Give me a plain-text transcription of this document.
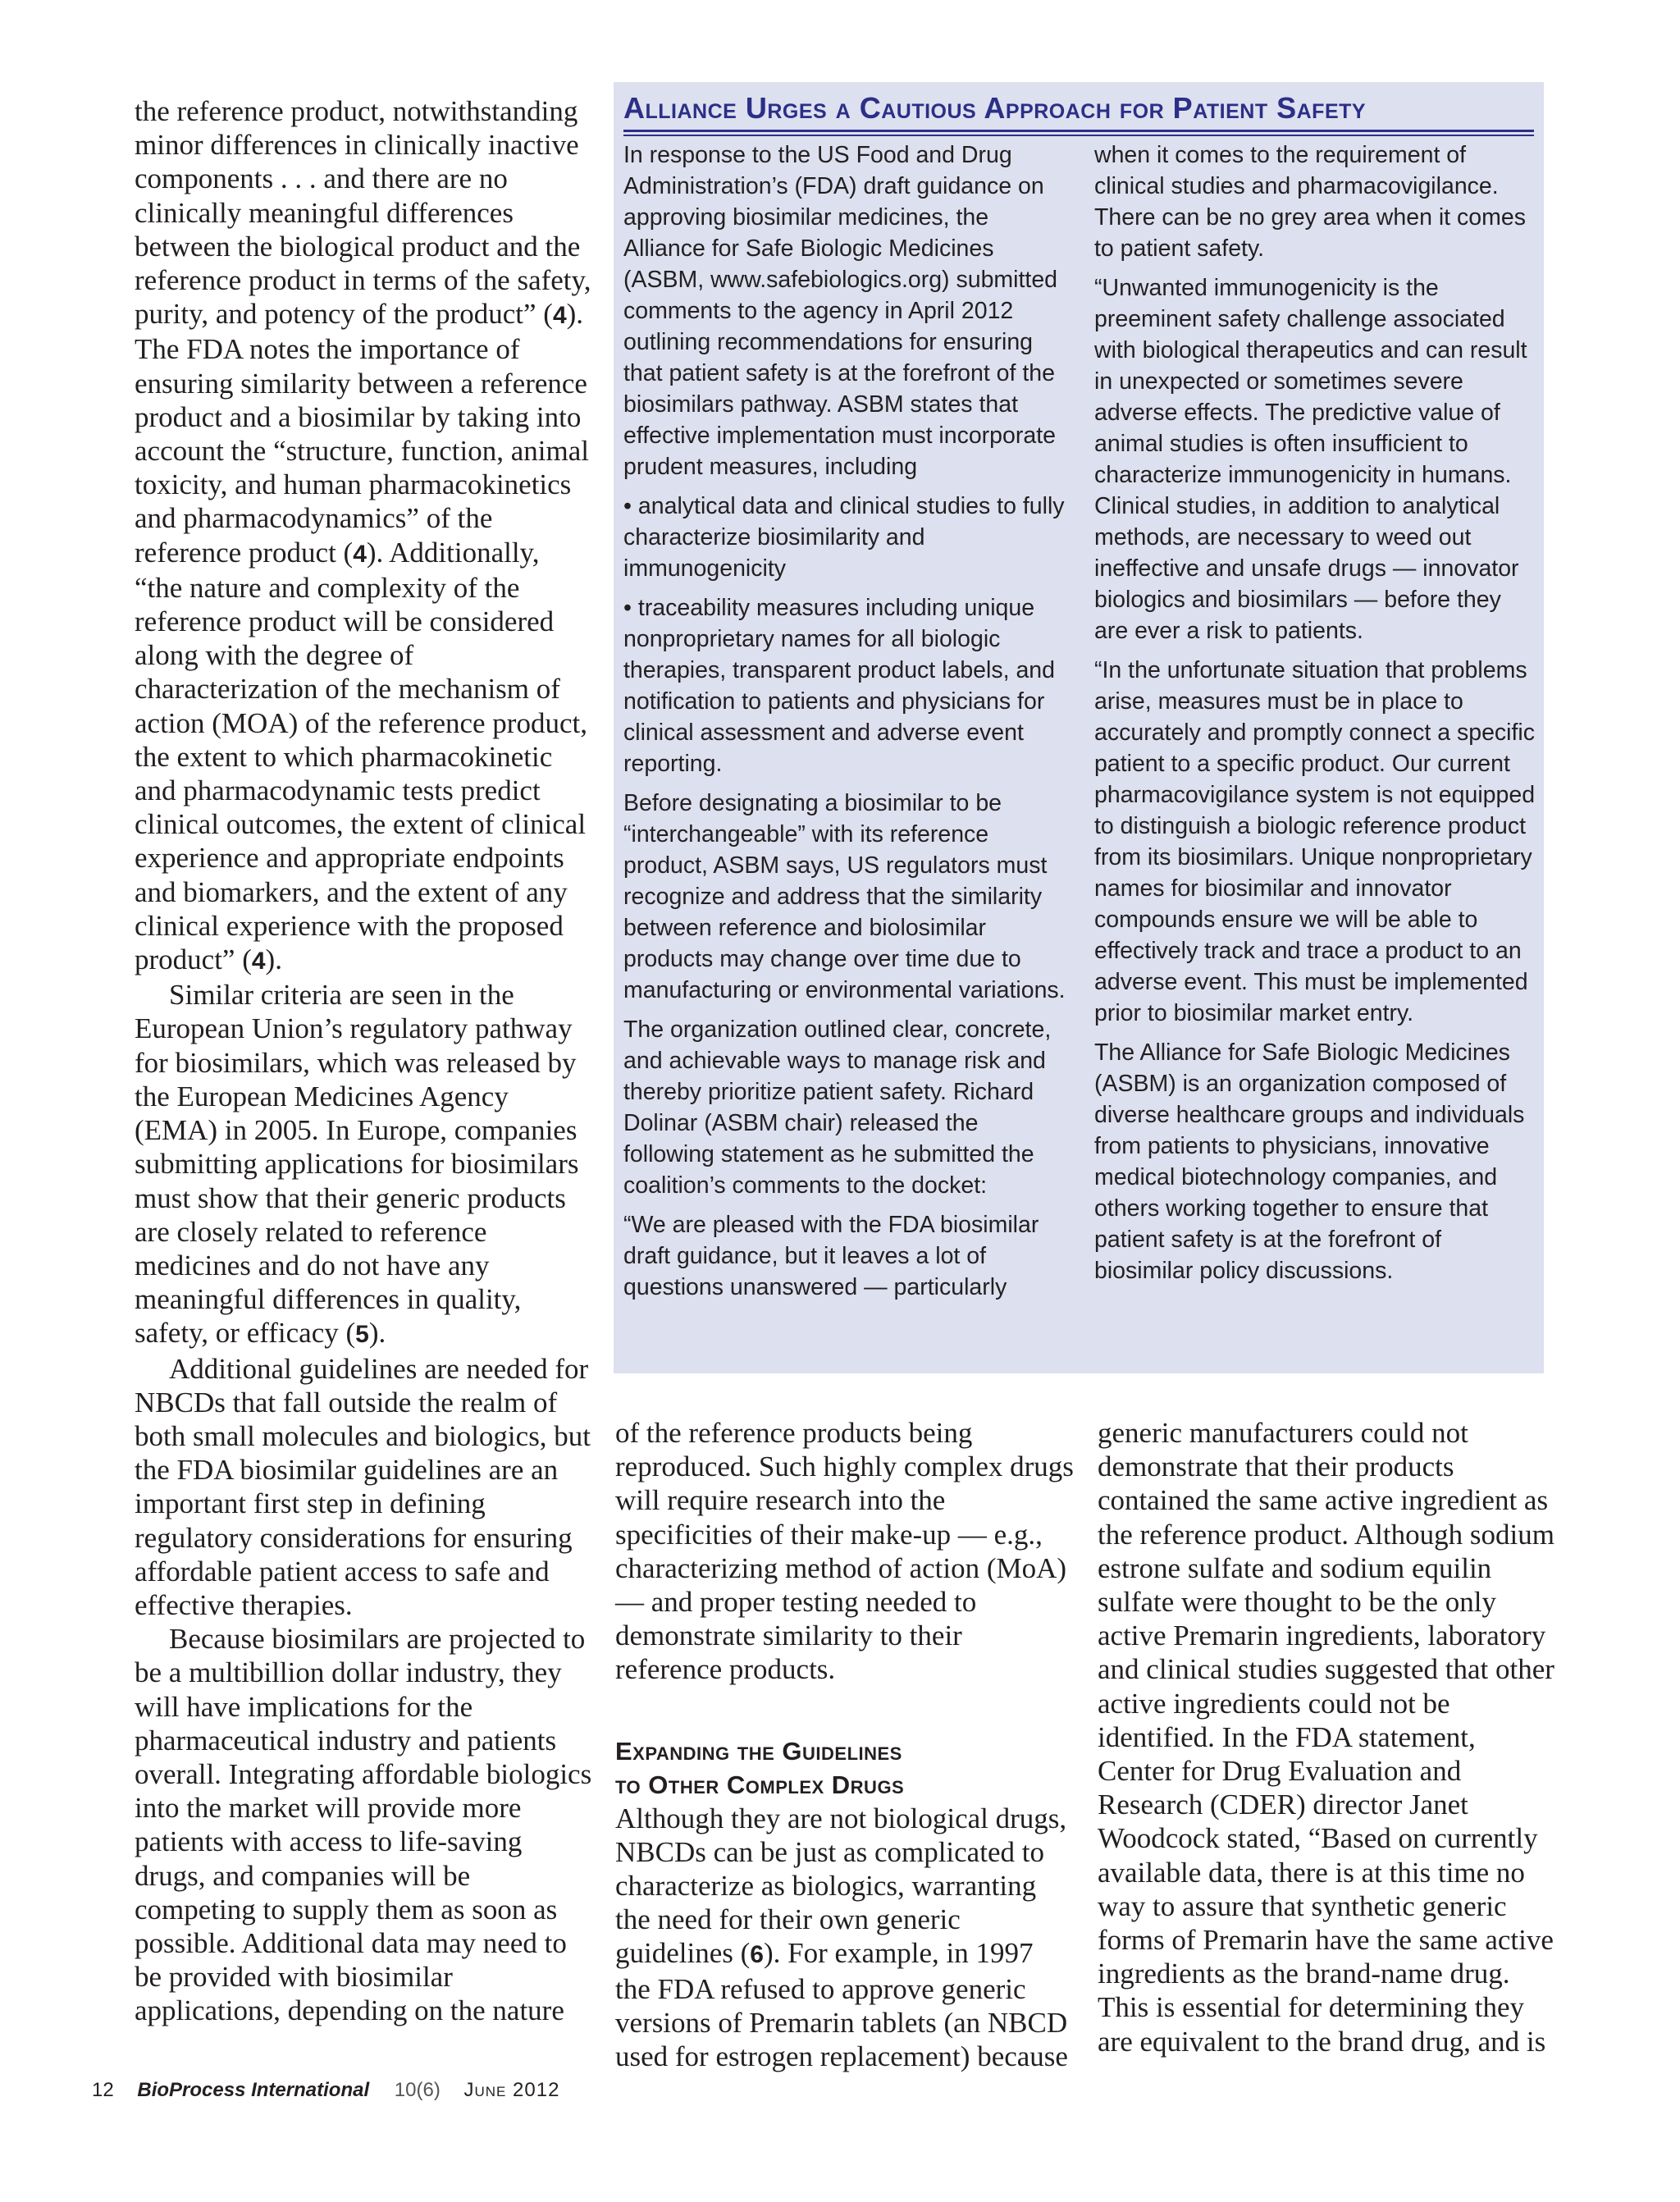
the reference product, notwithstanding minor differences in clinically inactive components . . . and there are no clinically meaningful differences between the biological product and the reference product in terms of the safety, purity, and potency of the product” (4). The FDA notes the importance of ensuring similarity between a reference product and a biosimilar by taking into account the “structure, function, animal toxicity, and human pharmacokinetics and pharmacodynamics” of the reference product (4). Additionally, “the nature and complexity of the reference product will be considered along with the degree of characterization of the mechanism of action (MOA) of the reference product, the extent to which pharmacokinetic and pharmacodynamic tests predict clinical outcomes, the extent of clinical experience and appropriate endpoints and biomarkers, and the extent of any clinical experience with the proposed product” (4).

Similar criteria are seen in the European Union’s regulatory pathway for biosimilars, which was released by the European Medicines Agency (EMA) in 2005. In Europe, companies submitting applications for biosimilars must show that their generic products are closely related to reference medicines and do not have any meaningful differences in quality, safety, or efficacy (5).

Additional guidelines are needed for NBCDs that fall outside the realm of both small molecules and biologics, but the FDA biosimilar guidelines are an important first step in defining regulatory considerations for ensuring affordable patient access to safe and effective therapies.

Because biosimilars are projected to be a multibillion dollar industry, they will have implications for the pharmaceutical industry and patients overall. Integrating affordable biologics into the market will provide more patients with access to life-saving drugs, and companies will be competing to supply them as soon as possible. Additional data may need to be provided with biosimilar applications, depending on the nature

Alliance Urges a Cautious Approach for Patient Safety

In response to the US Food and Drug Administration’s (FDA) draft guidance on approving biosimilar medicines, the Alliance for Safe Biologic Medicines (ASBM, www.safebiologics.org) submitted comments to the agency in April 2012 outlining recommendations for ensuring that patient safety is at the forefront of the biosimilars pathway. ASBM states that effective implementation must incorporate prudent measures, including

• analytical data and clinical studies to fully characterize biosimilarity and immunogenicity

• traceability measures including unique nonproprietary names for all biologic therapies, transparent product labels, and notification to patients and physicians for clinical assessment and adverse event reporting.

Before designating a biosimilar to be “interchangeable” with its reference product, ASBM says, US regulators must recognize and address that the similarity between reference and biolosimilar products may change over time due to manufacturing or environmental variations.

The organization outlined clear, concrete, and achievable ways to manage risk and thereby prioritize patient safety. Richard Dolinar (ASBM chair) released the following statement as he submitted the coalition’s comments to the docket:

“We are pleased with the FDA biosimilar draft guidance, but it leaves a lot of questions unanswered — particularly

when it comes to the requirement of clinical studies and pharmacovigilance. There can be no grey area when it comes to patient safety.

“Unwanted immunogenicity is the preeminent safety challenge associated with biological therapeutics and can result in unexpected or sometimes severe adverse effects. The predictive value of animal studies is often insufficient to characterize immunogenicity in humans. Clinical studies, in addition to analytical methods, are necessary to weed out ineffective and unsafe drugs — innovator biologics and biosimilars — before they are ever a risk to patients.

“In the unfortunate situation that problems arise, measures must be in place to accurately and promptly connect a specific patient to a specific product. Our current pharmacovigilance system is not equipped to distinguish a biologic reference product from its biosimilars. Unique nonproprietary names for biosimilar and innovator compounds ensure we will be able to effectively track and trace a product to an adverse event. This must be implemented prior to biosimilar market entry.

The Alliance for Safe Biologic Medicines (ASBM) is an organization composed of diverse healthcare groups and individuals from patients to physicians, innovative medical biotechnology companies, and others working together to ensure that patient safety is at the forefront of biosimilar policy discussions.

of the reference products being reproduced. Such highly complex drugs will require research into the specificities of their make-up — e.g., characterizing method of action (MoA) — and proper testing needed to demonstrate similarity to their reference products.

Expanding the Guidelines
to Other Complex Drugs

Although they are not biological drugs, NBCDs can be just as complicated to characterize as biologics, warranting the need for their own generic guidelines (6). For example, in 1997 the FDA refused to approve generic versions of Premarin tablets (an NBCD used for estrogen replacement) because

generic manufacturers could not demonstrate that their products contained the same active ingredient as the reference product. Although sodium estrone sulfate and sodium equilin sulfate were thought to be the only active Premarin ingredients, laboratory and clinical studies suggested that other active ingredients could not be identified. In the FDA statement, Center for Drug Evaluation and Research (CDER) director Janet Woodcock stated, “Based on currently available data, there is at this time no way to assure that synthetic generic forms of Premarin have the same active ingredients as the brand-name drug. This is essential for determining they are equivalent to the brand drug, and is

12 BioProcess International 10(6) June 2012
